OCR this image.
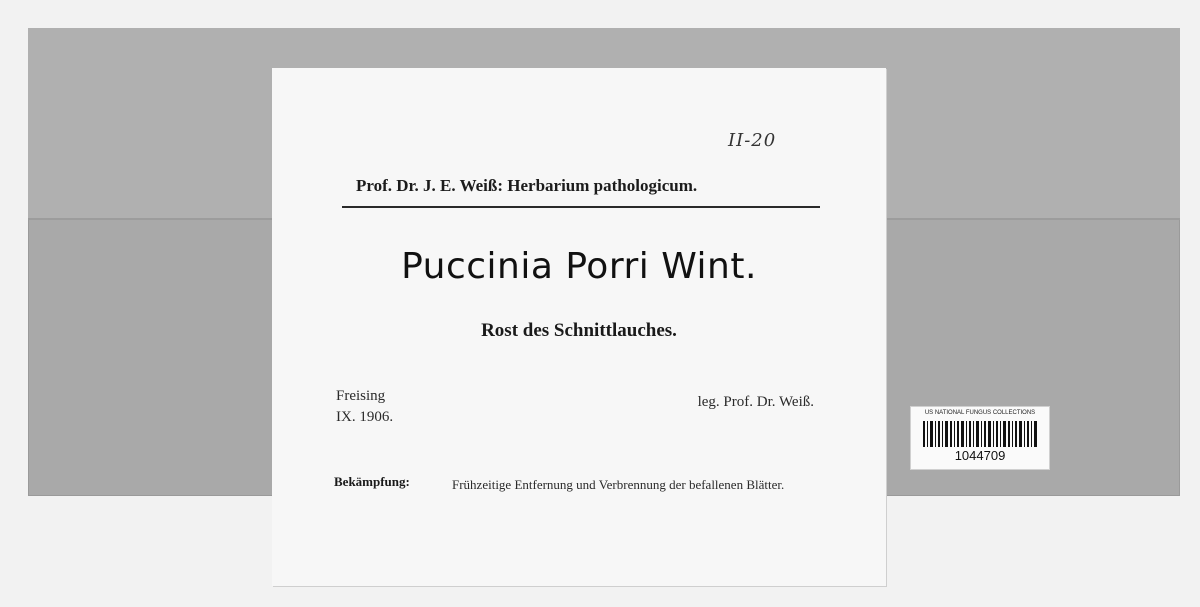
II-20
Prof. Dr. J. E. Weiß: Herbarium pathologicum.
Puccinia Porri Wint.
Rost des Schnittlauches.
Freising
IX. 1906.
leg. Prof. Dr. Weiß.
Bekämpfung:	Frühzeitige Entfernung und Verbrennung der befallenen Blätter.
US NATIONAL FUNGUS COLLECTIONS
1044709
